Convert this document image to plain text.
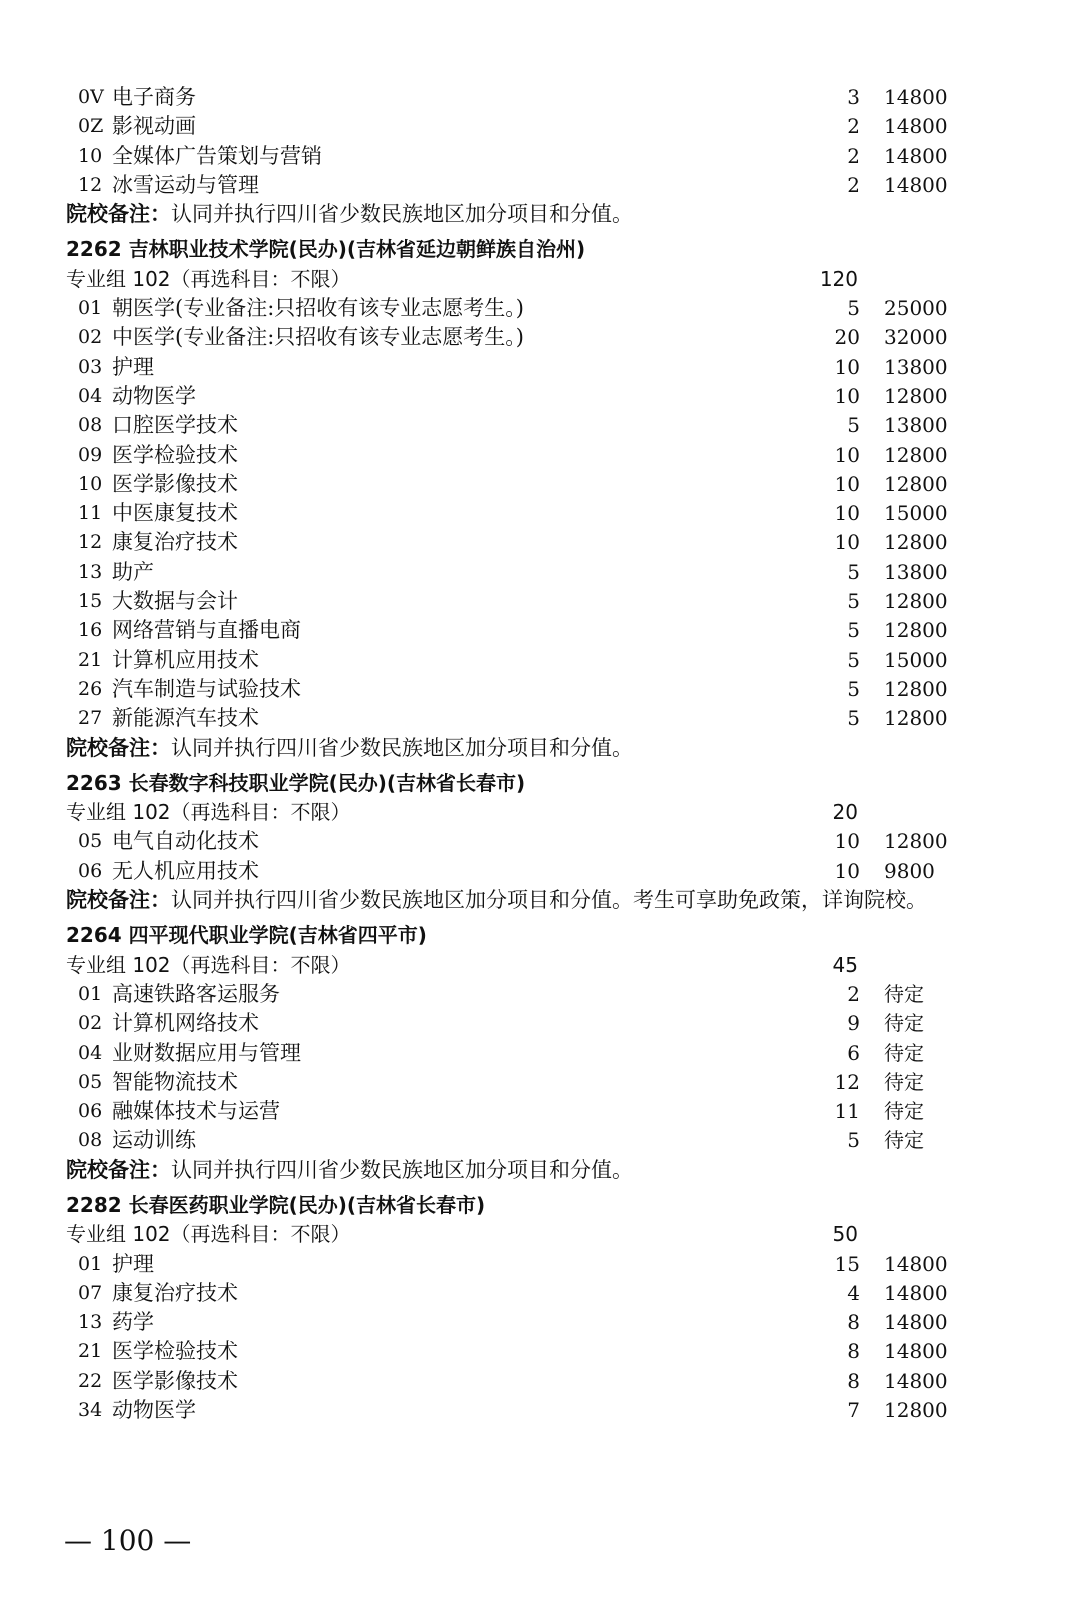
0V 电子商务	3 14800
0Z 影视动画	2 14800
10 全媒体广告策划与营销	2 14800
12 冰雪运动与管理	2 14800
院校备注：认同并执行四川省少数民族地区加分项目和分值。
2262 吉林职业技术学院(民办)(吉林省延边朝鲜族自治州)
专业组 102（再选科目：不限）	120
01 朝医学(专业备注:只招收有该专业志愿考生。)	5 25000
02 中医学(专业备注:只招收有该专业志愿考生。)	20 32000
03 护理	10 13800
04 动物医学	10 12800
08 口腔医学技术	5 13800
09 医学检验技术	10 12800
10 医学影像技术	10 12800
11 中医康复技术	10 15000
12 康复治疗技术	10 12800
13 助产	5 13800
15 大数据与会计	5 12800
16 网络营销与直播电商	5 12800
21 计算机应用技术	5 15000
26 汽车制造与试验技术	5 12800
27 新能源汽车技术	5 12800
院校备注：认同并执行四川省少数民族地区加分项目和分值。
2263 长春数字科技职业学院(民办)(吉林省长春市)
专业组 102（再选科目：不限）	20
05 电气自动化技术	10 12800
06 无人机应用技术	10 9800
院校备注：认同并执行四川省少数民族地区加分项目和分值。考生可享助免政策，详询院校。
2264 四平现代职业学院(吉林省四平市)
专业组 102（再选科目：不限）	45
01 高速铁路客运服务	2 待定
02 计算机网络技术	9 待定
04 业财数据应用与管理	6 待定
05 智能物流技术	12 待定
06 融媒体技术与运营	11 待定
08 运动训练	5 待定
院校备注：认同并执行四川省少数民族地区加分项目和分值。
2282 长春医药职业学院(民办)(吉林省长春市)
专业组 102（再选科目：不限）	50
01 护理	15 14800
07 康复治疗技术	4 14800
13 药学	8 14800
21 医学检验技术	8 14800
22 医学影像技术	8 14800
34 动物医学	7 12800
— 100 —
